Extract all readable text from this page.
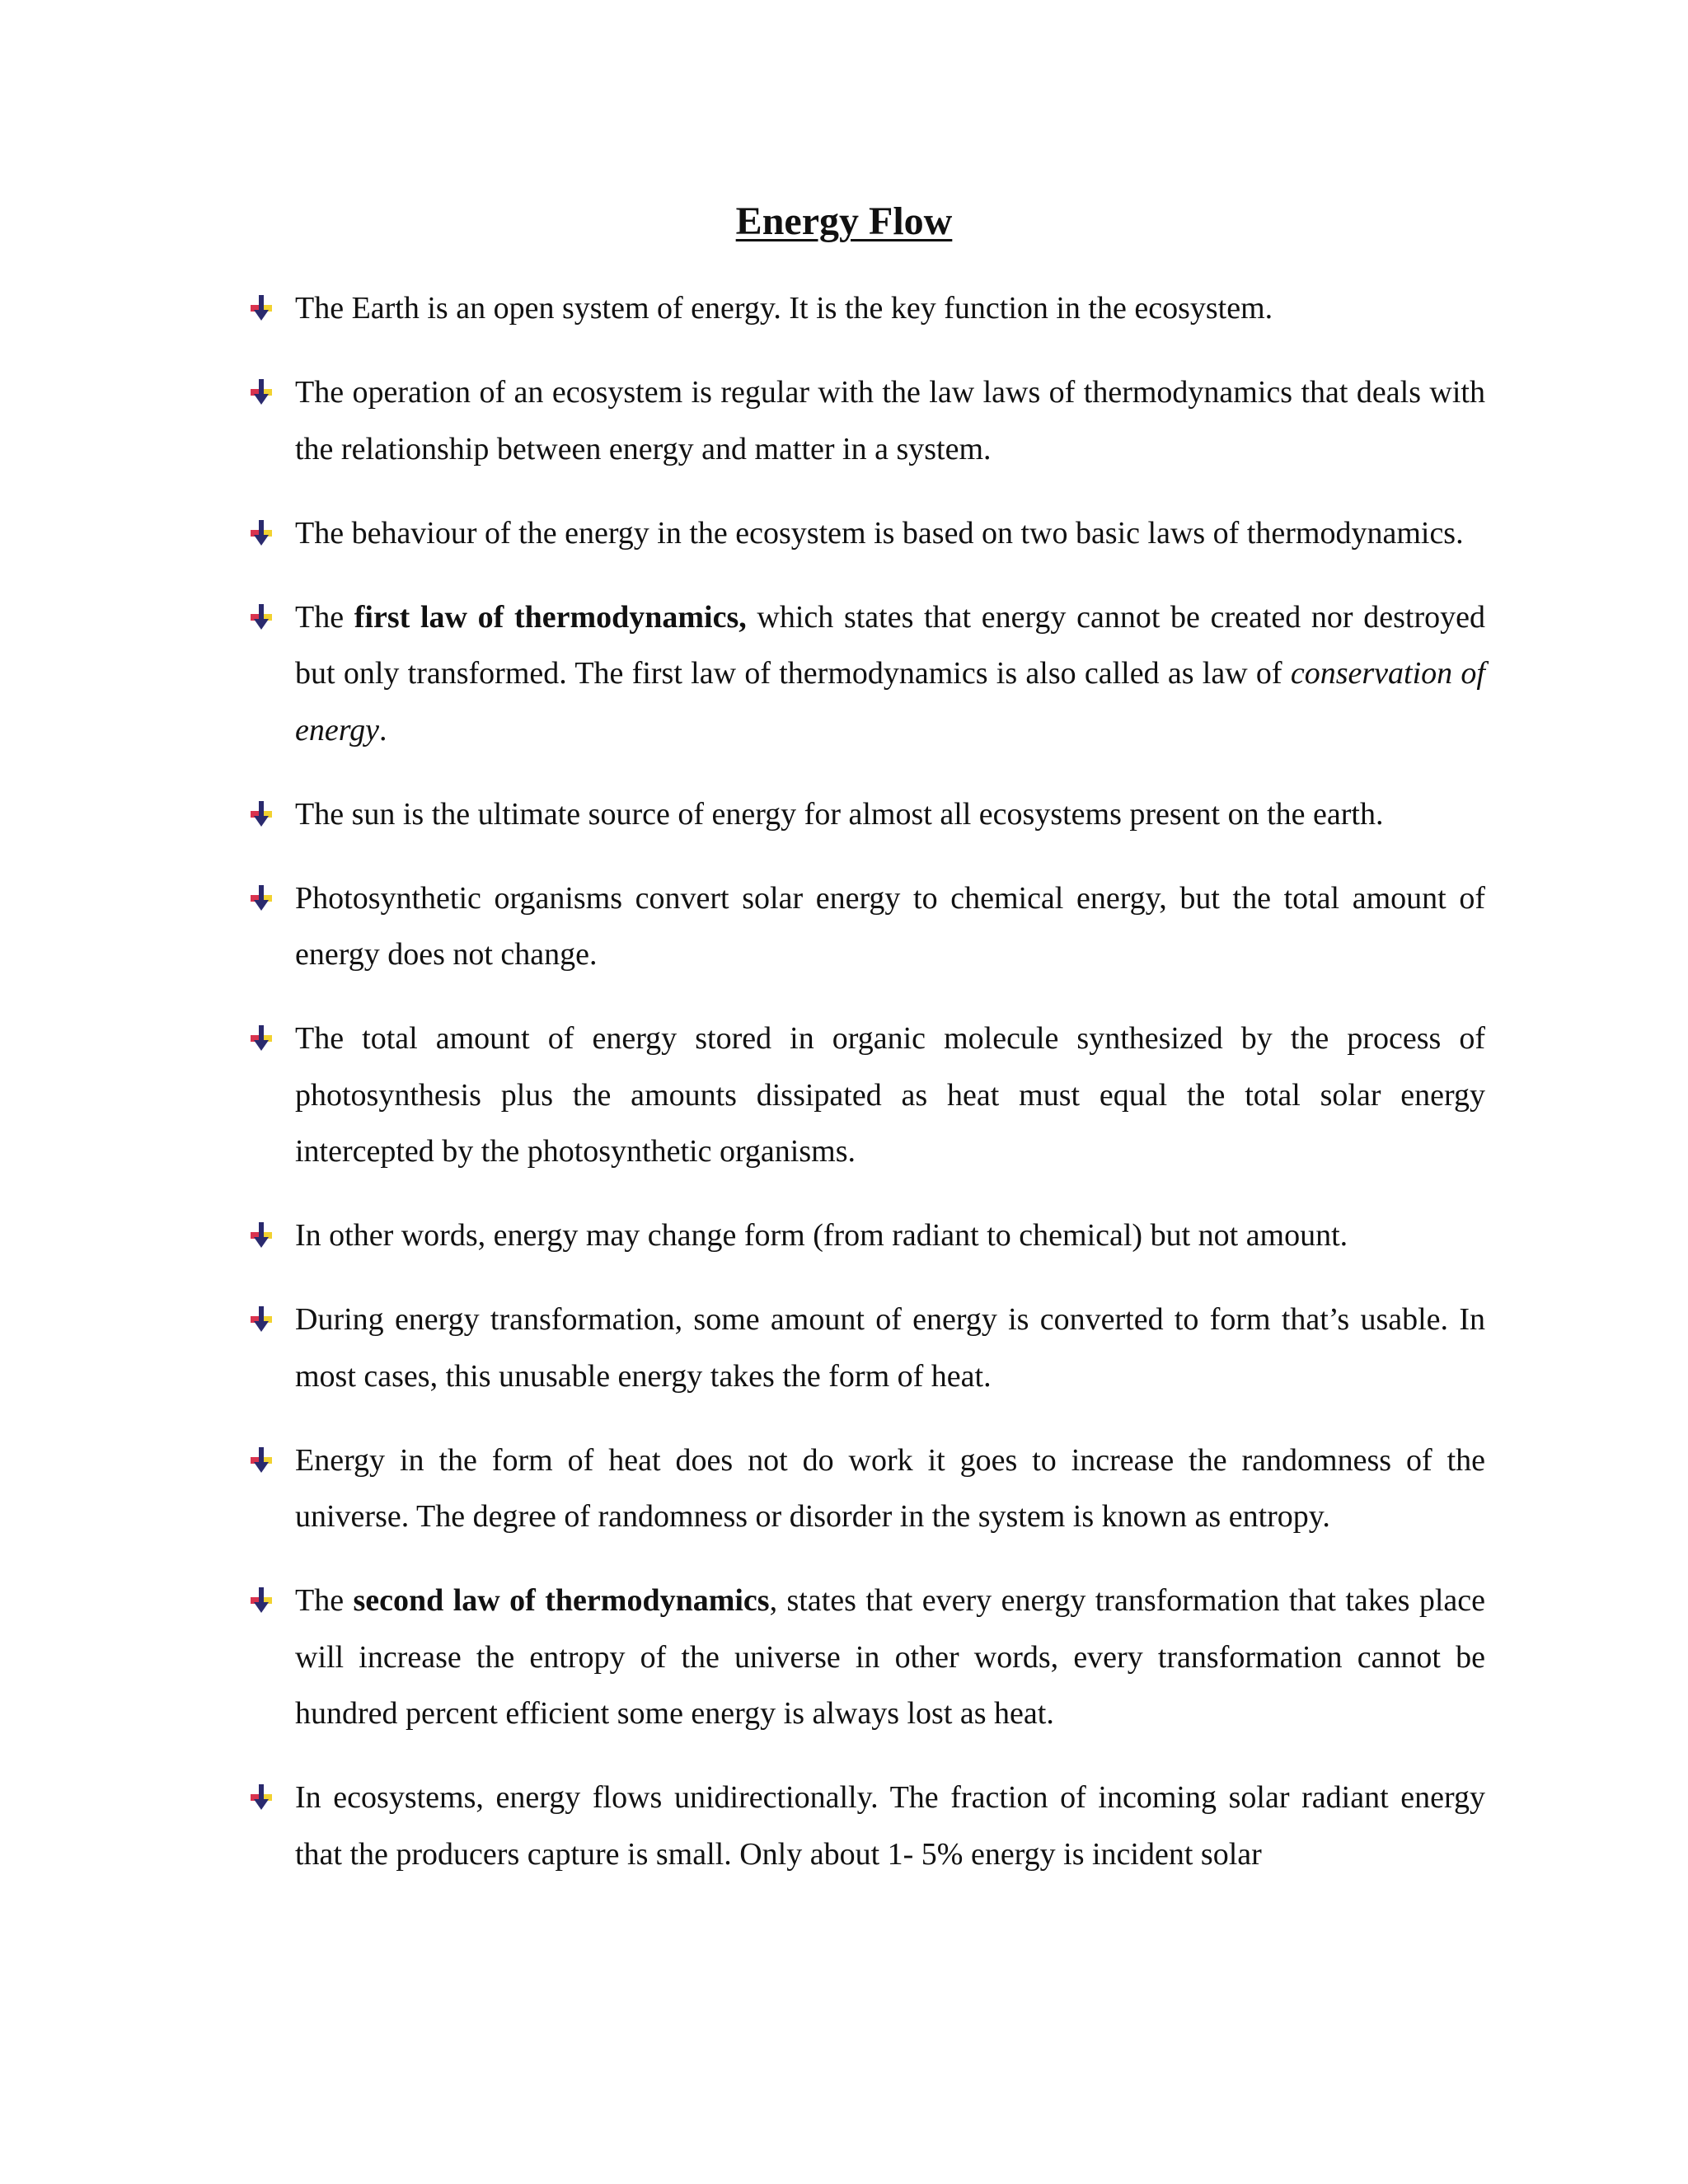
Energy Flow
The Earth is an open system of energy. It is the key function in the ecosystem.
The operation of an ecosystem is regular with the law laws of thermodynamics that deals with the relationship between energy and matter in a system.
The behaviour of the energy in the ecosystem is based on two basic laws of thermodynamics.
The first law of thermodynamics, which states that energy cannot be created nor destroyed but only transformed. The first law of thermodynamics is also called as law of conservation of energy.
The sun is the ultimate source of energy for almost all ecosystems present on the earth.
Photosynthetic organisms convert solar energy to chemical energy, but the total amount of energy does not change.
The total amount of energy stored in organic molecule synthesized by the process of photosynthesis plus the amounts dissipated as heat must equal the total solar energy intercepted by the photosynthetic organisms.
In other words, energy may change form (from radiant to chemical) but not amount.
During energy transformation, some amount of energy is converted to form that’s usable. In most cases, this unusable energy takes the form of heat.
Energy in the form of heat does not do work it goes to increase the randomness of the universe. The degree of randomness or disorder in the system is known as entropy.
The second law of thermodynamics, states that every energy transformation that takes place will increase the entropy of the universe in other words, every transformation cannot be hundred percent efficient some energy is always lost as heat.
In ecosystems, energy flows unidirectionally. The fraction of incoming solar radiant energy that the producers capture is small. Only about 1- 5% energy is incident solar
